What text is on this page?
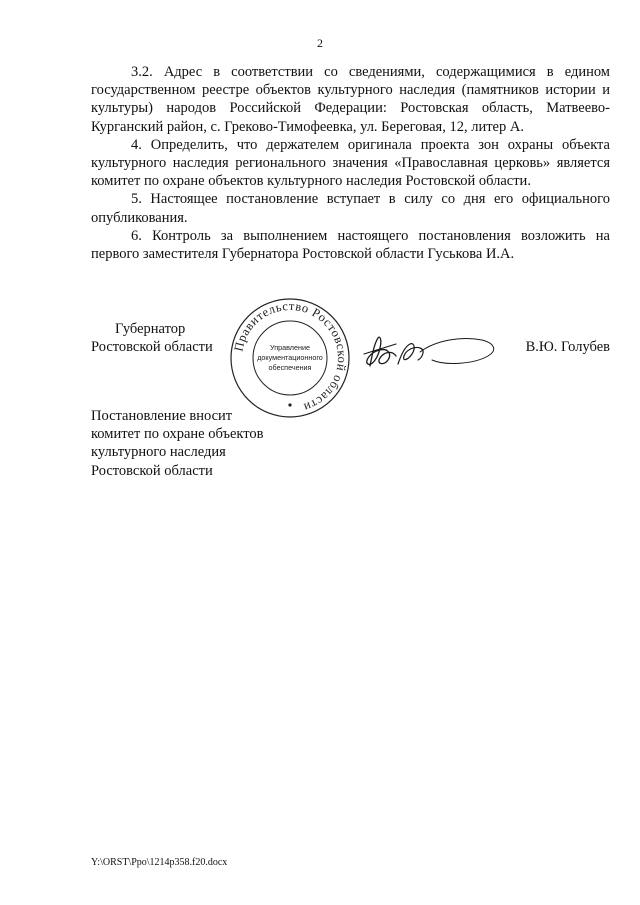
2

3.2. Адрес в соответствии со сведениями, содержащимися в едином государственном реестре объектов культурного наследия (памятников истории и культуры) народов Российской Федерации: Ростовская область, Матвеево-Курганский район, с. Греково-Тимофеевка, ул. Береговая, 12, литер А.

4. Определить, что держателем оригинала проекта зон охраны объекта культурного наследия регионального значения «Православная церковь» является комитет по охране объектов культурного наследия Ростовской области.

5. Настоящее постановление вступает в силу со дня его официального опубликования.

6. Контроль за выполнением настоящего постановления возложить на первого заместителя Губернатора Ростовской области Гуськова И.А.

Губернатор
Ростовской области Правительство Ростовской области
Управление
документационного
обеспечения
В.Ю. Голубев
Постановление вносит
комитет по охране объектов
культурного наследия
Ростовской области
Y:\ORST\Ppo\1214p358.f20.docx
